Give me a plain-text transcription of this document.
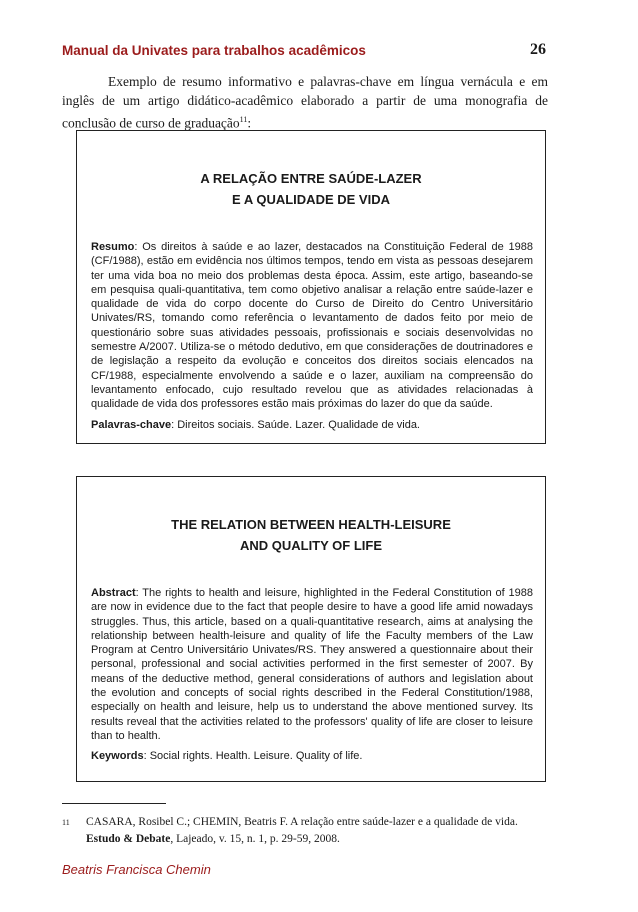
Manual da Univates para trabalhos acadêmicos	26

Exemplo de resumo informativo e palavras-chave em língua vernácula e em inglês de um artigo didático-acadêmico elaborado a partir de uma monografia de conclusão de curso de graduação$^{11}$:

A RELAÇÃO ENTRE SAÚDE-LAZER
E A QUALIDADE DE VIDA

Resumo: Os direitos à saúde e ao lazer, destacados na Constituição Federal de 1988 (CF/1988), estão em evidência nos últimos tempos, tendo em vista as pessoas desejarem ter uma vida boa no meio dos problemas desta época. Assim, este artigo, baseando-se em pesquisa quali-quantitativa, tem como objetivo analisar a relação entre saúde-lazer e qualidade de vida do corpo docente do Curso de Direito do Centro Universitário Univates/RS, tomando como referência o levantamento de dados feito por meio de questionário sobre suas atividades pessoais, profissionais e sociais desenvolvidas no semestre A/2007. Utiliza-se o método dedutivo, em que considerações de doutrinadores e de legislação a respeito da evolução e conceitos dos direitos sociais elencados na CF/1988, especialmente envolvendo a saúde e o lazer, auxiliam na compreensão do levantamento enfocado, cujo resultado revelou que as atividades relacionadas à qualidade de vida dos professores estão mais próximas do lazer do que da saúde.

Palavras-chave: Direitos sociais. Saúde. Lazer. Qualidade de vida.

THE RELATION BETWEEN HEALTH-LEISURE
AND QUALITY OF LIFE

Abstract: The rights to health and leisure, highlighted in the Federal Constitution of 1988 are now in evidence due to the fact that people desire to have a good life amid nowadays struggles. Thus, this article, based on a quali-quantitative research, aims at analysing the relationship between health-leisure and quality of life the Faculty members of the Law Program at Centro Universitário Univates/RS. They answered a questionnaire about their personal, professional and social activities performed in the first semester of 2007. By means of the deductive method, general considerations of authors and legislation about the evolution and concepts of social rights described in the Federal Constitution/1988, especially on health and leisure, help us to understand the above mentioned survey. Its results reveal that the activities related to the professors' quality of life are closer to leisure than to health.

Keywords: Social rights. Health. Leisure. Quality of life.

11 CASARA, Rosibel C.; CHEMIN, Beatris F. A relação entre saúde-lazer e a qualidade de vida. Estudo & Debate, Lajeado, v. 15, n. 1, p. 29-59, 2008.

Beatris Francisca Chemin
